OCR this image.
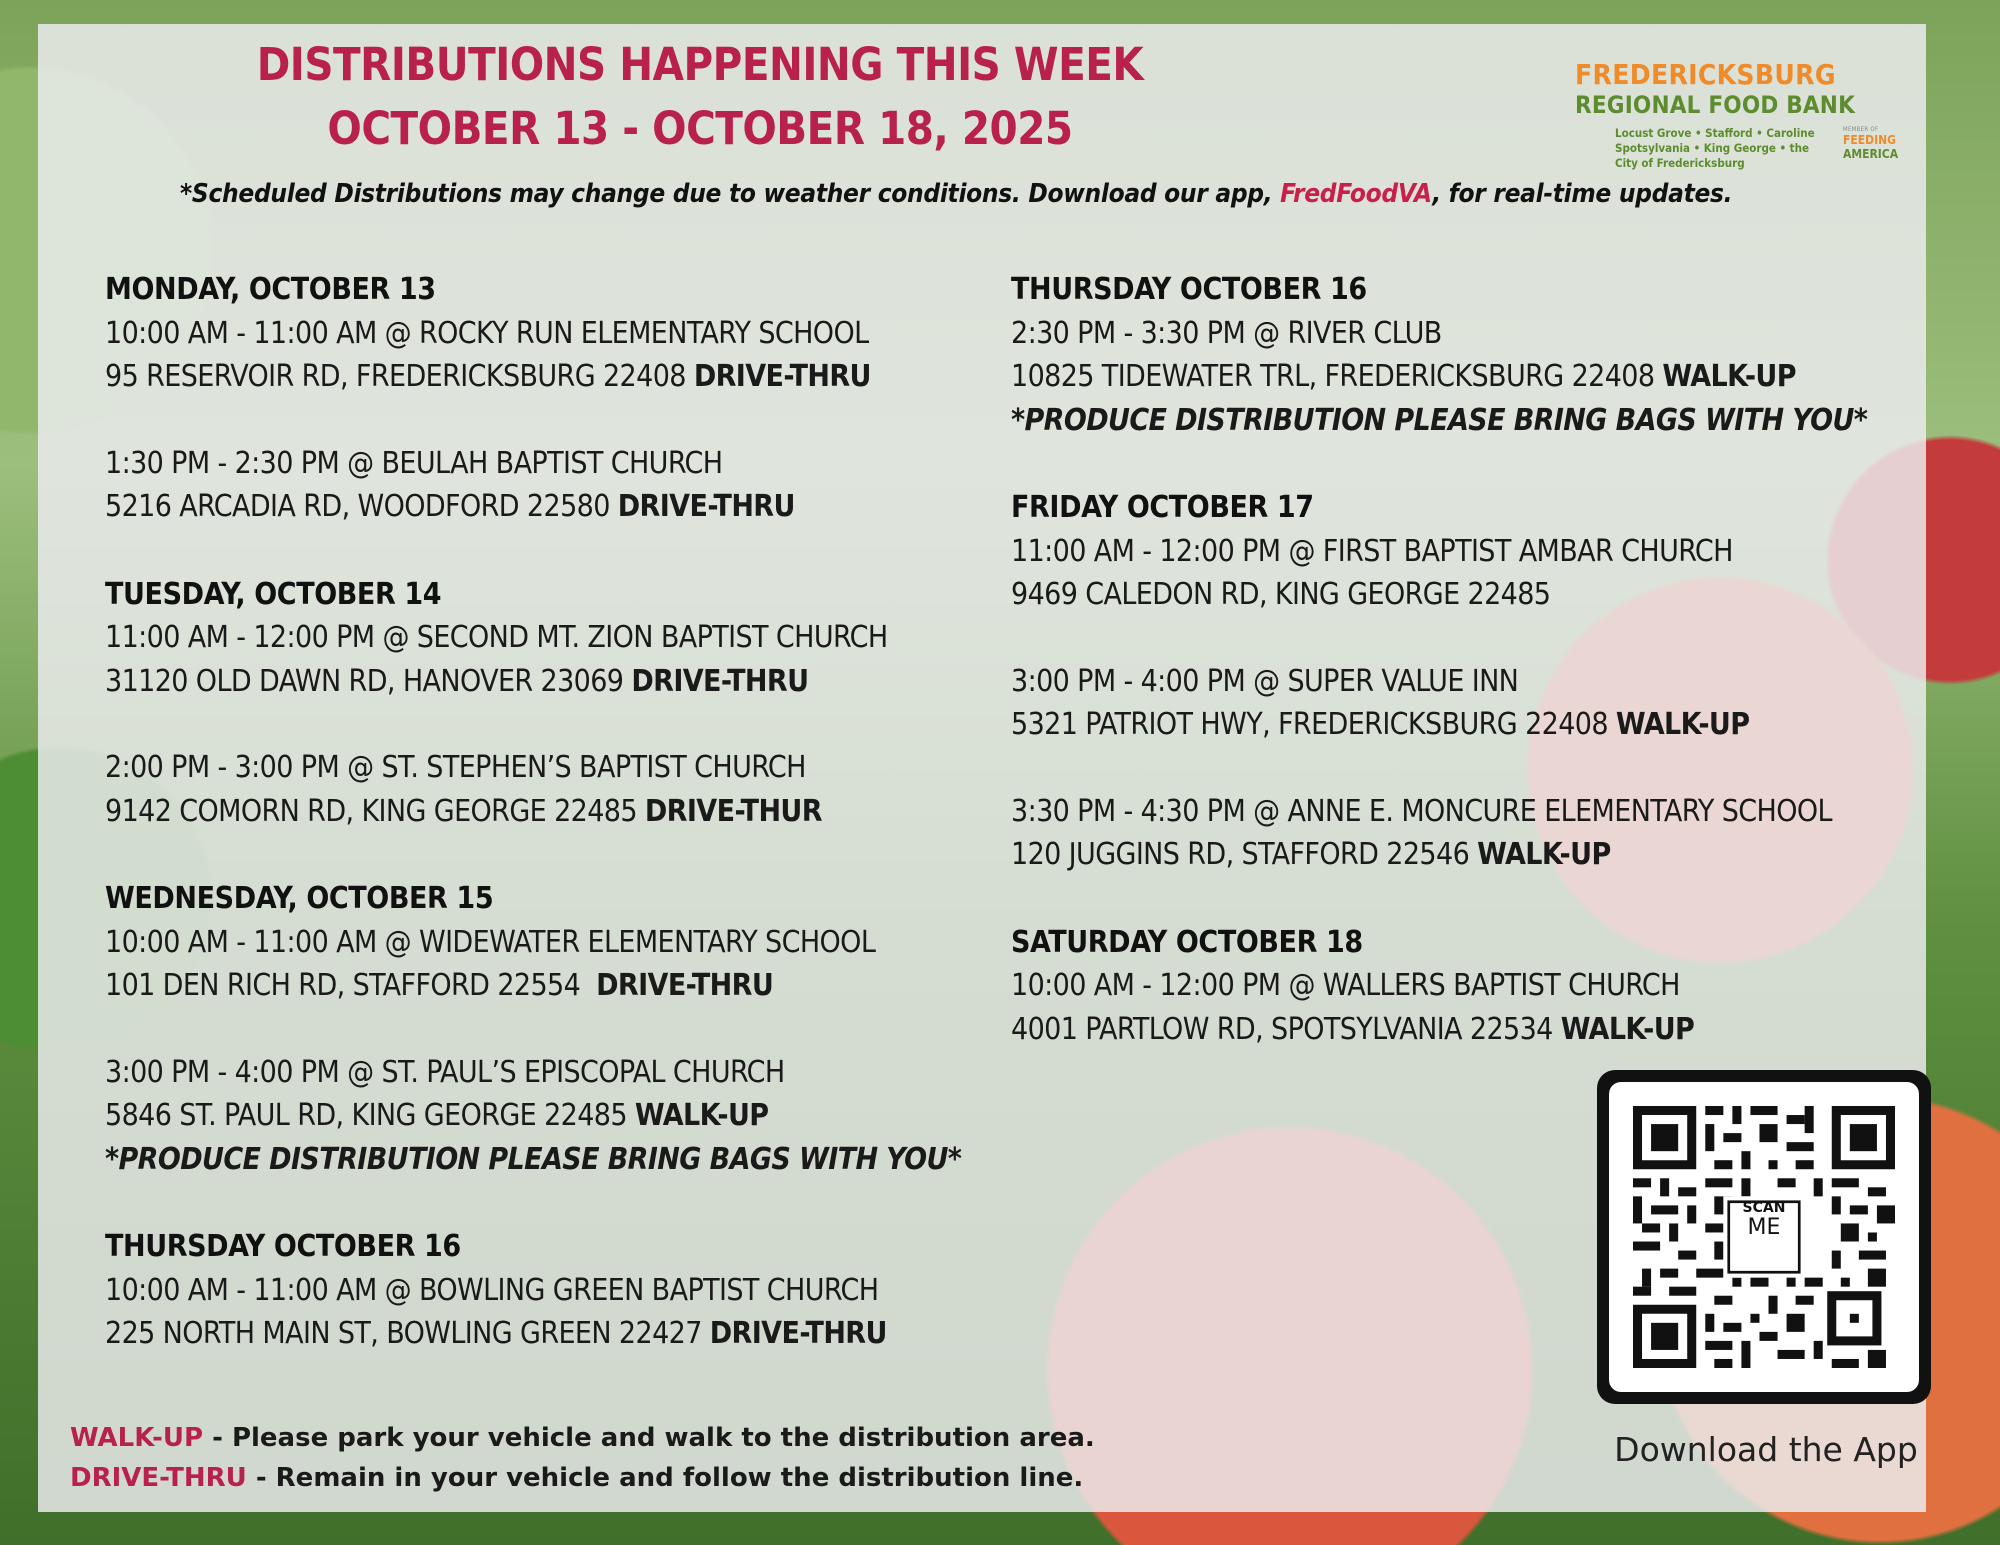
DISTRIBUTIONS HAPPENING THIS WEEK
OCTOBER 13 - OCTOBER 18, 2025
*Scheduled Distributions may change due to weather conditions. Download our app, FredFoodVA, for real-time updates.
FREDERICKSBURG
REGIONAL FOOD BANK
Locust Grove • Stafford • Caroline
Spotsylvania • King George • the
City of Fredericksburg
MEMBER OF
FEEDING
AMERICA
MONDAY, OCTOBER 13
10:00 AM - 11:00 AM @ ROCKY RUN ELEMENTARY SCHOOL
95 RESERVOIR RD, FREDERICKSBURG 22408 DRIVE-THRU
1:30 PM - 2:30 PM @ BEULAH BAPTIST CHURCH
5216 ARCADIA RD, WOODFORD 22580 DRIVE-THRU
TUESDAY, OCTOBER 14
11:00 AM - 12:00 PM @ SECOND MT. ZION BAPTIST CHURCH
31120 OLD DAWN RD, HANOVER 23069 DRIVE-THRU
2:00 PM - 3:00 PM @ ST. STEPHEN’S BAPTIST CHURCH
9142 COMORN RD, KING GEORGE 22485 DRIVE-THUR
WEDNESDAY, OCTOBER 15
10:00 AM - 11:00 AM @ WIDEWATER ELEMENTARY SCHOOL
101 DEN RICH RD, STAFFORD 22554  DRIVE-THRU
3:00 PM - 4:00 PM @ ST. PAUL’S EPISCOPAL CHURCH
5846 ST. PAUL RD, KING GEORGE 22485 WALK-UP
*PRODUCE DISTRIBUTION PLEASE BRING BAGS WITH YOU*
THURSDAY OCTOBER 16
10:00 AM - 11:00 AM @ BOWLING GREEN BAPTIST CHURCH
225 NORTH MAIN ST, BOWLING GREEN 22427 DRIVE-THRU
THURSDAY OCTOBER 16
2:30 PM - 3:30 PM @ RIVER CLUB
10825 TIDEWATER TRL, FREDERICKSBURG 22408 WALK-UP
*PRODUCE DISTRIBUTION PLEASE BRING BAGS WITH YOU*
FRIDAY OCTOBER 17
11:00 AM - 12:00 PM @ FIRST BAPTIST AMBAR CHURCH
9469 CALEDON RD, KING GEORGE 22485
3:00 PM - 4:00 PM @ SUPER VALUE INN
5321 PATRIOT HWY, FREDERICKSBURG 22408 WALK-UP
3:30 PM - 4:30 PM @ ANNE E. MONCURE ELEMENTARY SCHOOL
120 JUGGINS RD, STAFFORD 22546 WALK-UP
SATURDAY OCTOBER 18
10:00 AM - 12:00 PM @ WALLERS BAPTIST CHURCH
4001 PARTLOW RD, SPOTSYLVANIA 22534 WALK-UP
WALK-UP - Please park your vehicle and walk to the distribution area.
DRIVE-THRU - Remain in your vehicle and follow the distribution line.
SCAN
ME
Download the App
